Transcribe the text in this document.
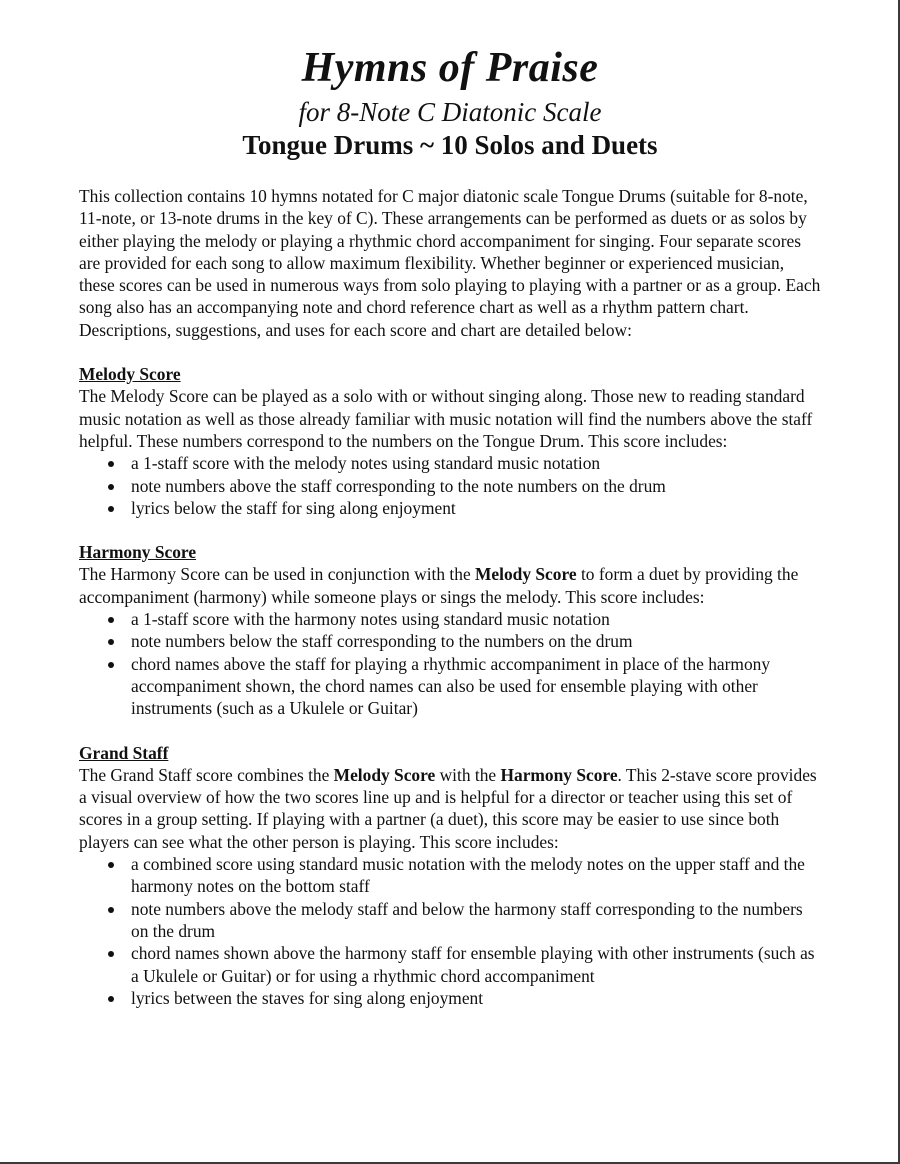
Hymns of Praise
for 8-Note C Diatonic Scale
Tongue Drums ~ 10 Solos and Duets

This collection contains 10 hymns notated for C major diatonic scale Tongue Drums (suitable for 8-note, 11-note, or 13-note drums in the key of C). These arrangements can be performed as duets or as solos by either playing the melody or playing a rhythmic chord accompaniment for singing. Four separate scores are provided for each song to allow maximum flexibility. Whether beginner or experienced musician, these scores can be used in numerous ways from solo playing to playing with a partner or as a group. Each song also has an accompanying note and chord reference chart as well as a rhythm pattern chart. Descriptions, suggestions, and uses for each score and chart are detailed below:

Melody Score

The Melody Score can be played as a solo with or without singing along. Those new to reading standard music notation as well as those already familiar with music notation will find the numbers above the staff helpful. These numbers correspond to the numbers on the Tongue Drum. This score includes:

a 1-staff score with the melody notes using standard music notation
note numbers above the staff corresponding to the note numbers on the drum
lyrics below the staff for sing along enjoyment
Harmony Score

The Harmony Score can be used in conjunction with the Melody Score to form a duet by providing the accompaniment (harmony) while someone plays or sings the melody. This score includes:

a 1-staff score with the harmony notes using standard music notation
note numbers below the staff corresponding to the numbers on the drum
chord names above the staff for playing a rhythmic accompaniment in place of the harmony accompaniment shown, the chord names can also be used for ensemble playing with other instruments (such as a Ukulele or Guitar)
Grand Staff

The Grand Staff score combines the Melody Score with the Harmony Score. This 2-stave score provides a visual overview of how the two scores line up and is helpful for a director or teacher using this set of scores in a group setting. If playing with a partner (a duet), this score may be easier to use since both players can see what the other person is playing. This score includes:

a combined score using standard music notation with the melody notes on the upper staff and the harmony notes on the bottom staff
note numbers above the melody staff and below the harmony staff corresponding to the numbers on the drum
chord names shown above the harmony staff for ensemble playing with other instruments (such as a Ukulele or Guitar) or for using a rhythmic chord accompaniment
lyrics between the staves for sing along enjoyment
